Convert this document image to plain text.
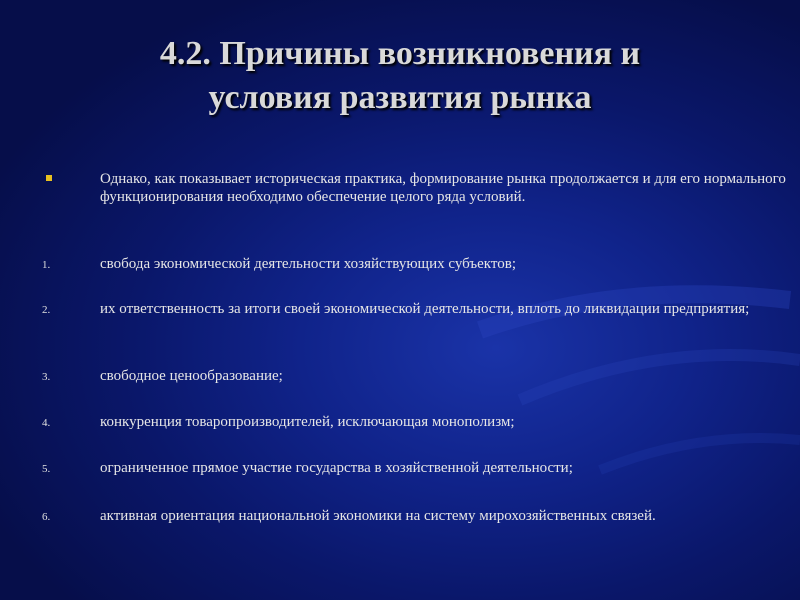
4.2. Причины возникновения и
условия развития рынка
Однако, как показывает историческая практика, формирование рынка продолжается и для его нормального функционирования необходимо обеспечение целого ряда условий.
1.	свобода экономической деятельности хозяйствующих субъектов;
2.	их ответственность за итоги своей экономической деятельности, вплоть до ликвидации предприятия;
3.	свободное ценообразование;
4.	конкуренция товаропроизводителей, исключающая монополизм;
5.	ограниченное прямое участие государства в хозяйственной деятельности;
6.	активная ориентация национальной экономики на систему мирохозяйственных связей.
